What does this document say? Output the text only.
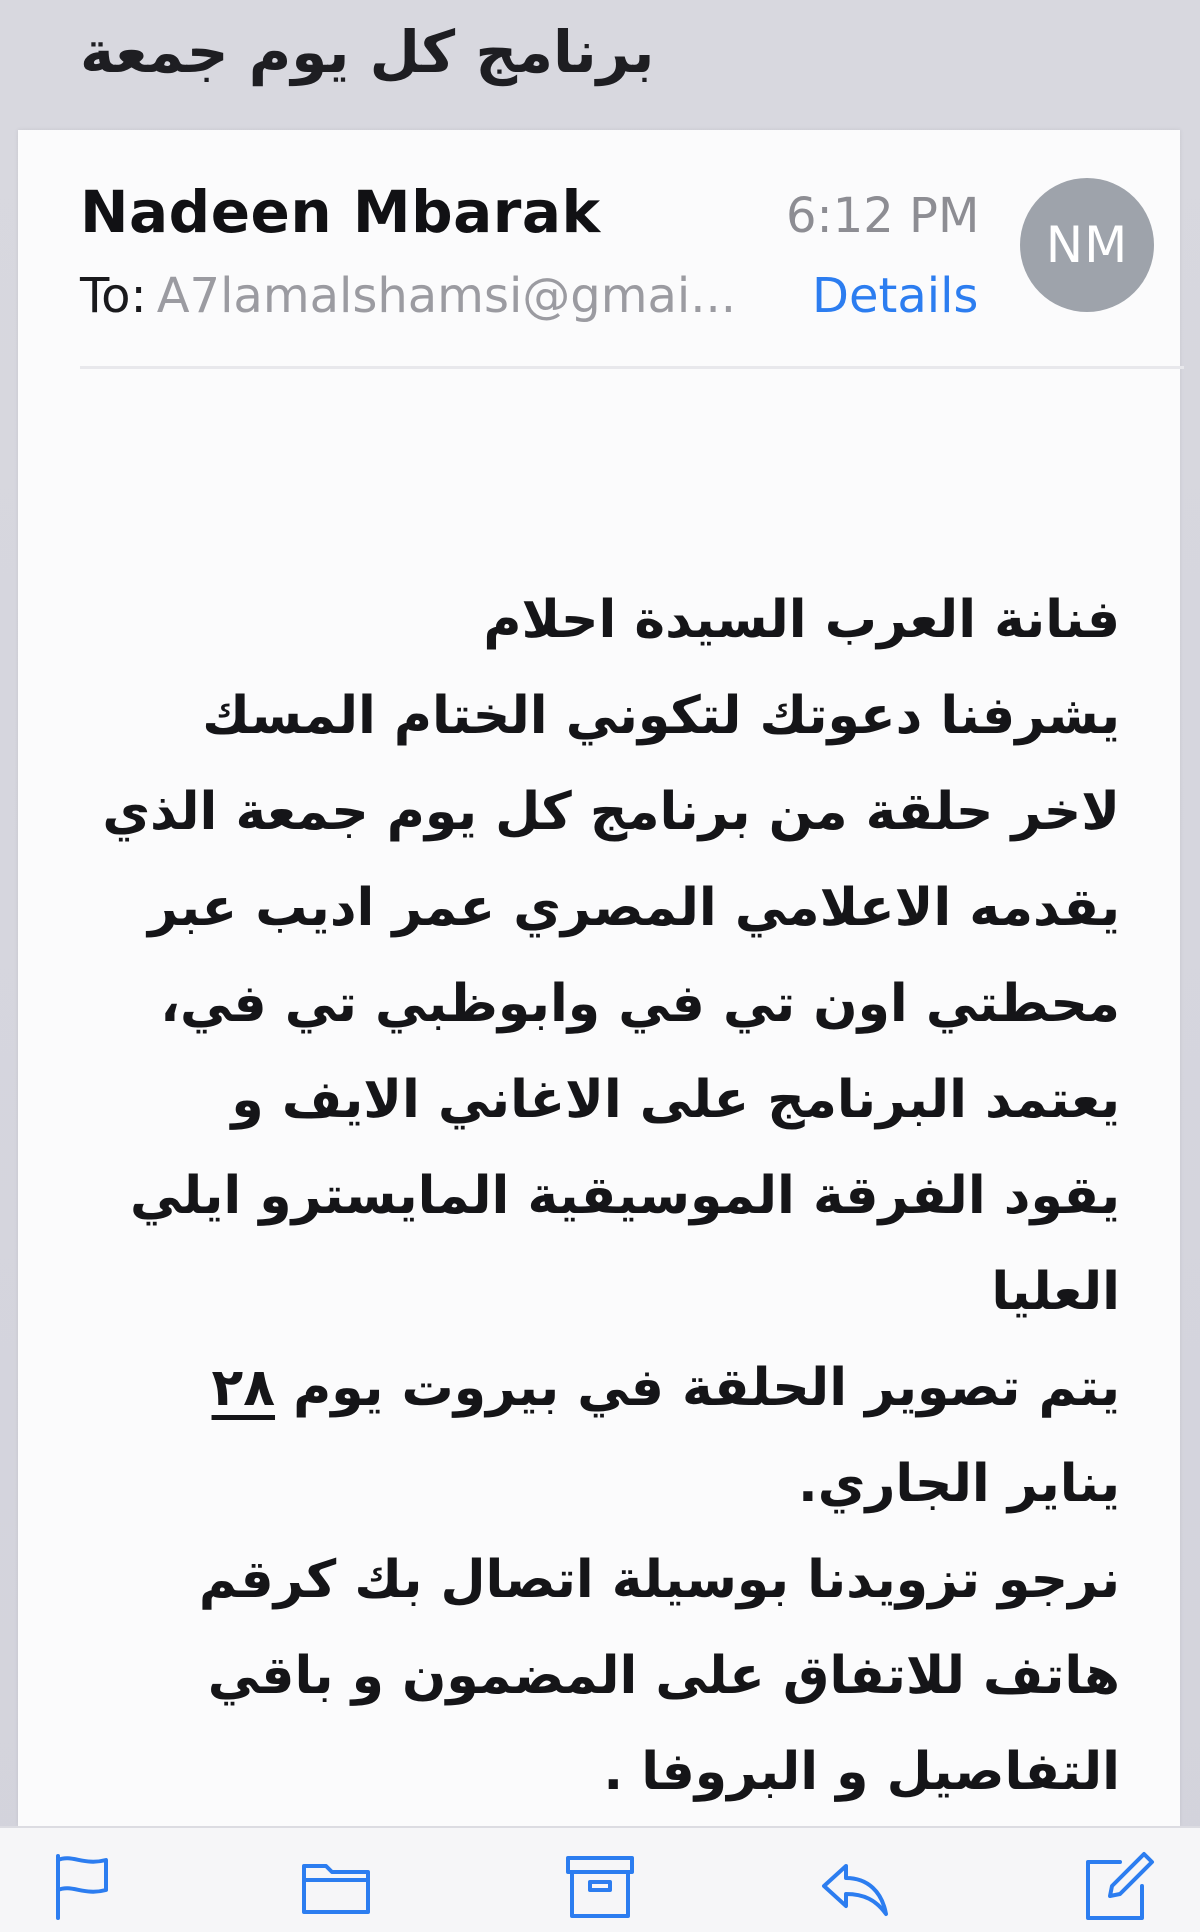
برنامج كل يوم جمعة
Nadeen Mbarak	6:12 PM
To: A7lamalshamsi@gmai... Details
NM
فنانة العرب السيدة احلام
يشرفنا دعوتك لتكوني الختام المسك
لاخر حلقة من برنامج كل يوم جمعة الذي
يقدمه الاعلامي المصري عمر اديب عبر
محطتي اون تي في وابوظبي تي في،
يعتمد البرنامج على الاغاني الايف و
يقود الفرقة الموسيقية المايسترو ايلي
العليا
يتم تصوير الحلقة في بيروت يوم ٢٨
يناير الجاري.
نرجو تزويدنا بوسيلة اتصال بك كرقم
هاتف للاتفاق على المضمون و باقي
التفاصيل و البروفا .
